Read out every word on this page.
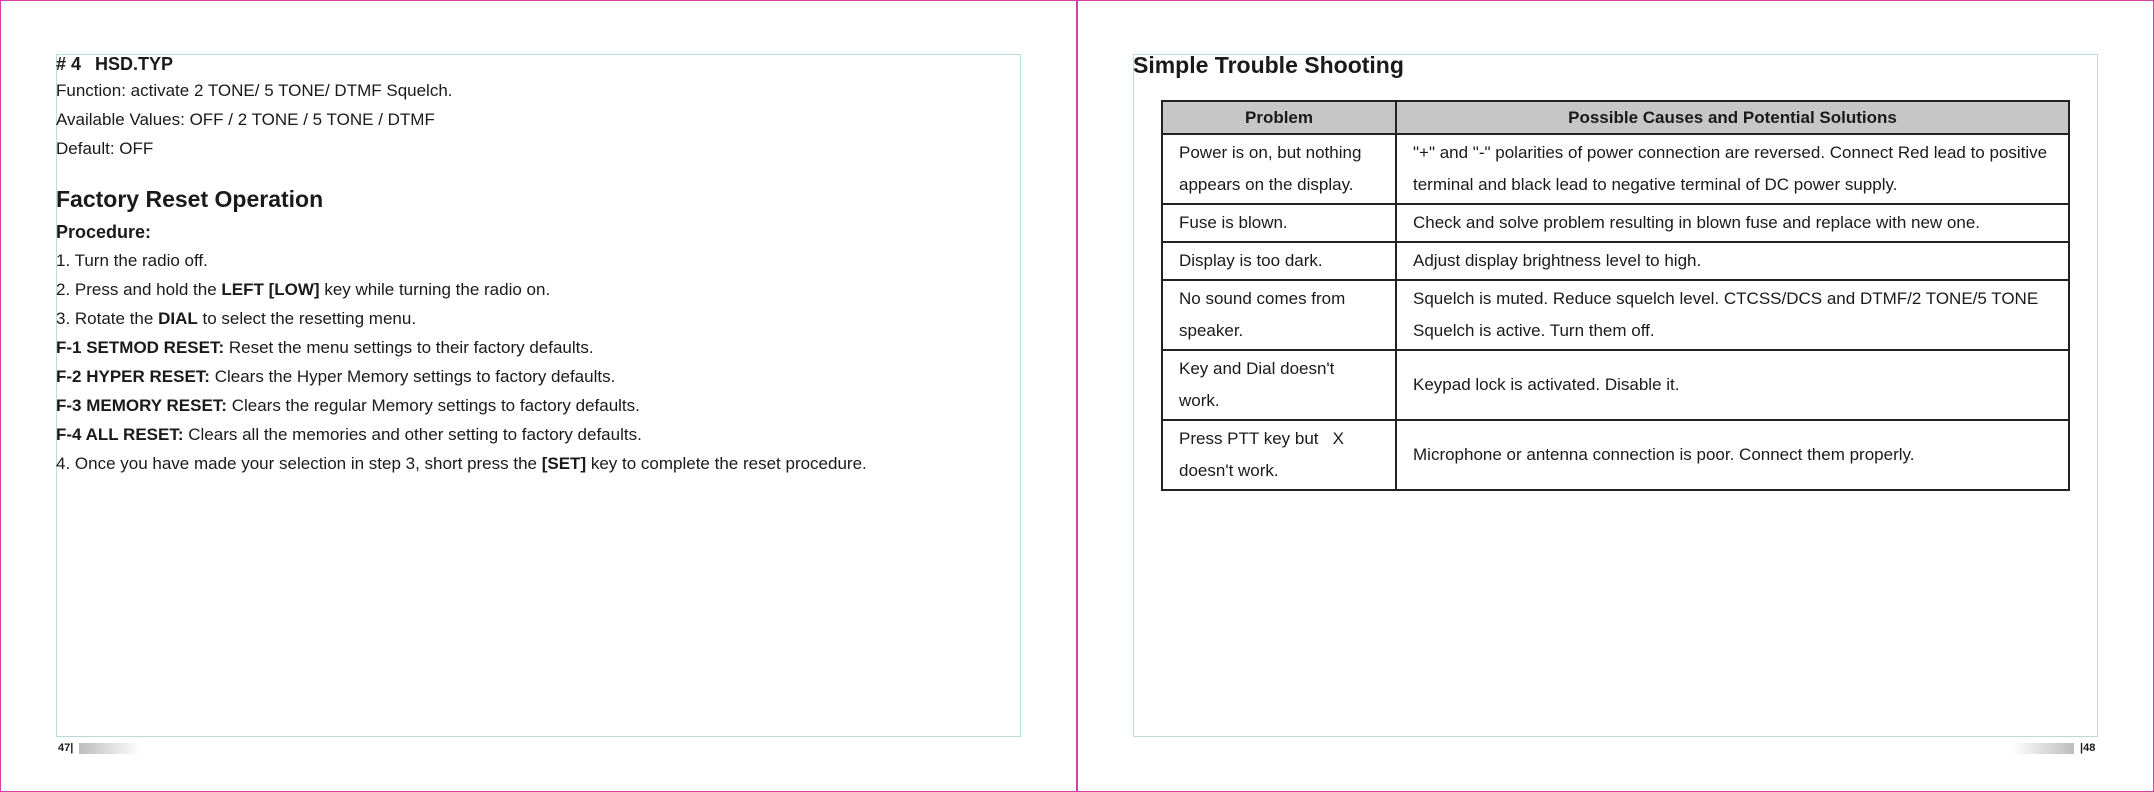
# 4 HSD.TYP
Function: activate 2 TONE/ 5 TONE/ DTMF Squelch.
Available Values: OFF / 2 TONE / 5 TONE / DTMF
Default: OFF
Factory Reset Operation
Procedure:
1. Turn the radio off.
2. Press and hold the LEFT [LOW] key while turning the radio on.
3. Rotate the DIAL to select the resetting menu.
F-1 SETMOD RESET: Reset the menu settings to their factory defaults.
F-2 HYPER RESET: Clears the Hyper Memory settings to factory defaults.
F-3 MEMORY RESET: Clears the regular Memory settings to factory defaults.
F-4 ALL RESET: Clears all the memories and other setting to factory defaults.
4. Once you have made your selection in step 3, short press the [SET] key to complete the reset procedure.
Simple Trouble Shooting
Problem	Possible Causes and Potential Solutions
Power is on, but nothing appears on the display.	"+" and "-" polarities of power connection are reversed. Connect Red lead to positive terminal and black lead to negative terminal of DC power supply.
Fuse is blown.	Check and solve problem resulting in blown fuse and replace with new one.
Display is too dark.	Adjust display brightness level to high.
No sound comes from speaker.	Squelch is muted. Reduce squelch level. CTCSS/DCS and DTMF/2 TONE/5 TONE Squelch is active. Turn them off.
Key and Dial doesn't work.	Keypad lock is activated. Disable it.
Press PTT key but   X doesn't work.	Microphone or antenna connection is poor. Connect them properly.
47|	|48
